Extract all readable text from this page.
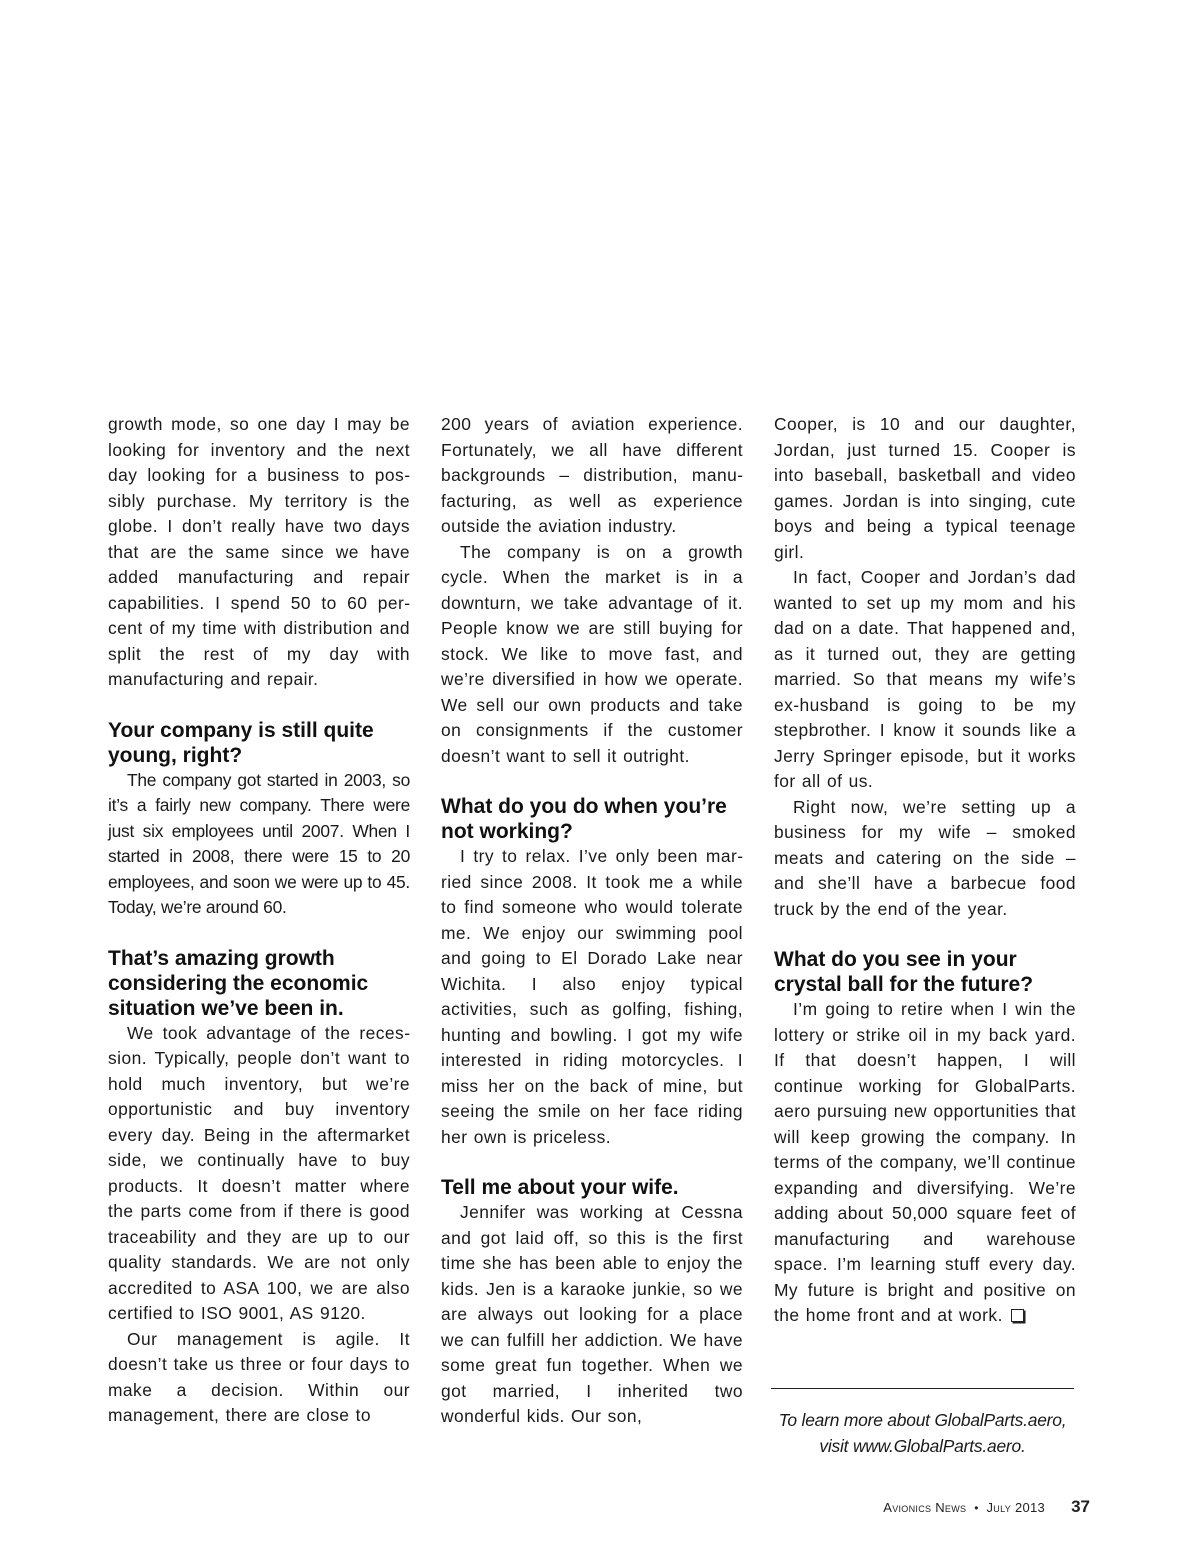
growth mode, so one day I may be looking for inventory and the next day looking for a business to possibly purchase. My territory is the globe. I don’t really have two days that are the same since we have added manufacturing and repair capabilities. I spend 50 to 60 percent of my time with distribution and split the rest of my day with manufacturing and repair.

Your company is still quite young, right?

The company got started in 2003, so it’s a fairly new company. There were just six employees until 2007. When I started in 2008, there were 15 to 20 employees, and soon we were up to 45. Today, we’re around 60.

That’s amazing growth considering the economic situation we’ve been in.

We took advantage of the recession. Typically, people don’t want to hold much inventory, but we’re opportunistic and buy inventory every day. Being in the aftermarket side, we continually have to buy products. It doesn’t matter where the parts come from if there is good traceability and they are up to our quality standards. We are not only accredited to ASA 100, we are also certified to ISO 9001, AS 9120.

Our management is agile. It doesn’t take us three or four days to make a decision. Within our management, there are close to

200 years of aviation experience. Fortunately, we all have different backgrounds – distribution, manufacturing, as well as experience outside the aviation industry.

The company is on a growth cycle. When the market is in a downturn, we take advantage of it. People know we are still buying for stock. We like to move fast, and we’re diversified in how we operate. We sell our own products and take on consignments if the customer doesn’t want to sell it outright.

What do you do when you’re not working?

I try to relax. I’ve only been married since 2008. It took me a while to find someone who would tolerate me. We enjoy our swimming pool and going to El Dorado Lake near Wichita. I also enjoy typical activities, such as golfing, fishing, hunting and bowling. I got my wife interested in riding motorcycles. I miss her on the back of mine, but seeing the smile on her face riding her own is priceless.

Tell me about your wife.

Jennifer was working at Cessna and got laid off, so this is the first time she has been able to enjoy the kids. Jen is a karaoke junkie, so we are always out looking for a place we can fulfill her addiction. We have some great fun together. When we got married, I inherited two wonderful kids. Our son,

Cooper, is 10 and our daughter, Jordan, just turned 15. Cooper is into baseball, basketball and video games. Jordan is into singing, cute boys and being a typical teenage girl.

In fact, Cooper and Jordan’s dad wanted to set up my mom and his dad on a date. That happened and, as it turned out, they are getting married. So that means my wife’s ex-husband is going to be my stepbrother. I know it sounds like a Jerry Springer episode, but it works for all of us.

Right now, we’re setting up a business for my wife – smoked meats and catering on the side – and she’ll have a barbecue food truck by the end of the year.

What do you see in your crystal ball for the future?

I’m going to retire when I win the lottery or strike oil in my back yard. If that doesn’t happen, I will continue working for GlobalParts. aero pursuing new opportunities that will keep growing the company. In terms of the company, we’ll continue expanding and diversifying. We’re adding about 50,000 square feet of manufacturing and warehouse space. I’m learning stuff every day. My future is bright and positive on the home front and at work.

To learn more about GlobalParts.aero,
visit www.GlobalParts.aero.
Avionics News • July 2013 37
